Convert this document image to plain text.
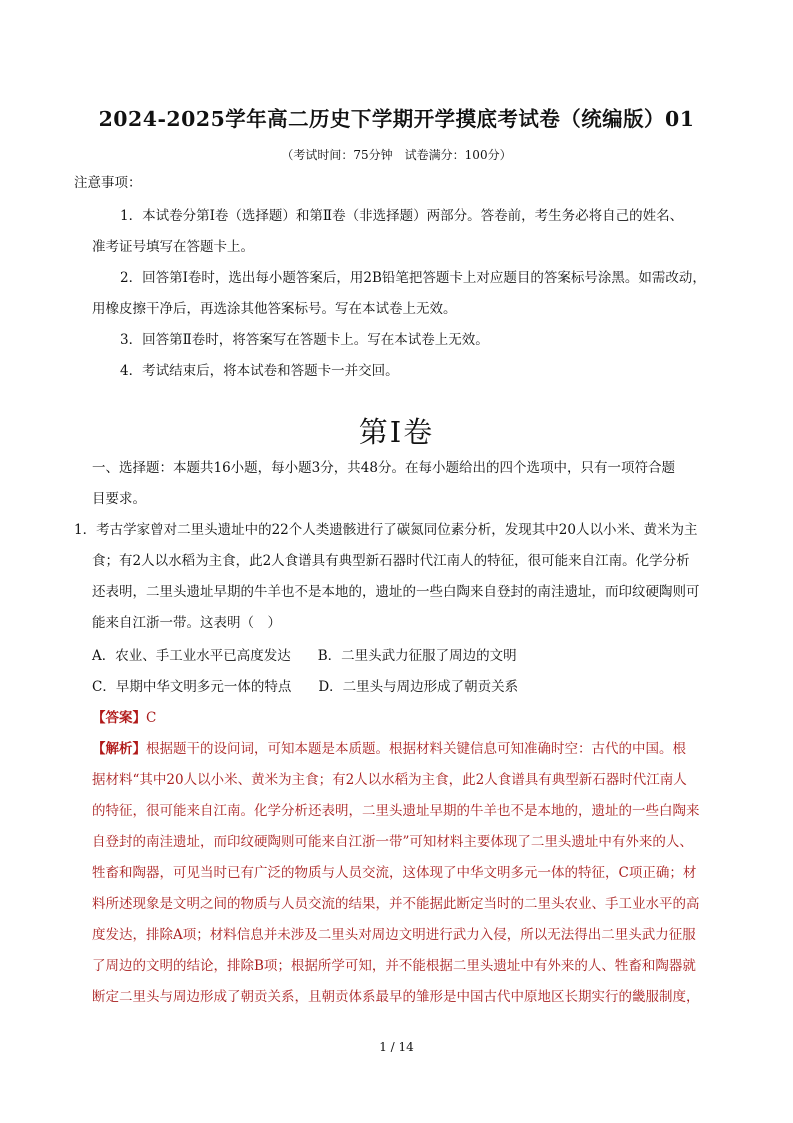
2024-2025学年高二历史下学期开学摸底考试卷（统编版）01
（考试时间：75分钟　试卷满分：100分）
注意事项：
1．本试卷分第Ⅰ卷（选择题）和第Ⅱ卷（非选择题）两部分。答卷前，考生务必将自己的姓名、
准考证号填写在答题卡上。
2．回答第Ⅰ卷时，选出每小题答案后，用2B铅笔把答题卡上对应题目的答案标号涂黑。如需改动，
用橡皮擦干净后，再选涂其他答案标号。写在本试卷上无效。
3．回答第Ⅱ卷时，将答案写在答题卡上。写在本试卷上无效。
4．考试结束后，将本试卷和答题卡一并交回。
第Ⅰ卷
一、选择题：本题共16小题，每小题3分，共48分。在每小题给出的四个选项中，只有一项符合题
目要求。
1．考古学家曾对二里头遗址中的22个人类遗骸进行了碳氮同位素分析，发现其中20人以小米、黄米为主
食；有2人以水稻为主食，此2人食谱具有典型新石器时代江南人的特征，很可能来自江南。化学分析
还表明，二里头遗址早期的牛羊也不是本地的，遗址的一些白陶来自登封的南洼遗址，而印纹硬陶则可
能来自江浙一带。这表明（　）
A．农业、手工业水平已高度发达　　B．二里头武力征服了周边的文明
C．早期中华文明多元一体的特点　　D．二里头与周边形成了朝贡关系
【答案】C
【解析】根据题干的设问词，可知本题是本质题。根据材料关键信息可知准确时空：古代的中国。根
据材料“其中20人以小米、黄米为主食；有2人以水稻为主食，此2人食谱具有典型新石器时代江南人
的特征，很可能来自江南。化学分析还表明，二里头遗址早期的牛羊也不是本地的，遗址的一些白陶来
自登封的南洼遗址，而印纹硬陶则可能来自江浙一带”可知材料主要体现了二里头遗址中有外来的人、
牲畜和陶器，可见当时已有广泛的物质与人员交流，这体现了中华文明多元一体的特征，C项正确；材
料所述现象是文明之间的物质与人员交流的结果，并不能据此断定当时的二里头农业、手工业水平的高
度发达，排除A项；材料信息并未涉及二里头对周边文明进行武力入侵，所以无法得出二里头武力征服
了周边的文明的结论，排除B项；根据所学可知，并不能根据二里头遗址中有外来的人、牲畜和陶器就
断定二里头与周边形成了朝贡关系，且朝贡体系最早的雏形是中国古代中原地区长期实行的畿服制度，
1 / 14
